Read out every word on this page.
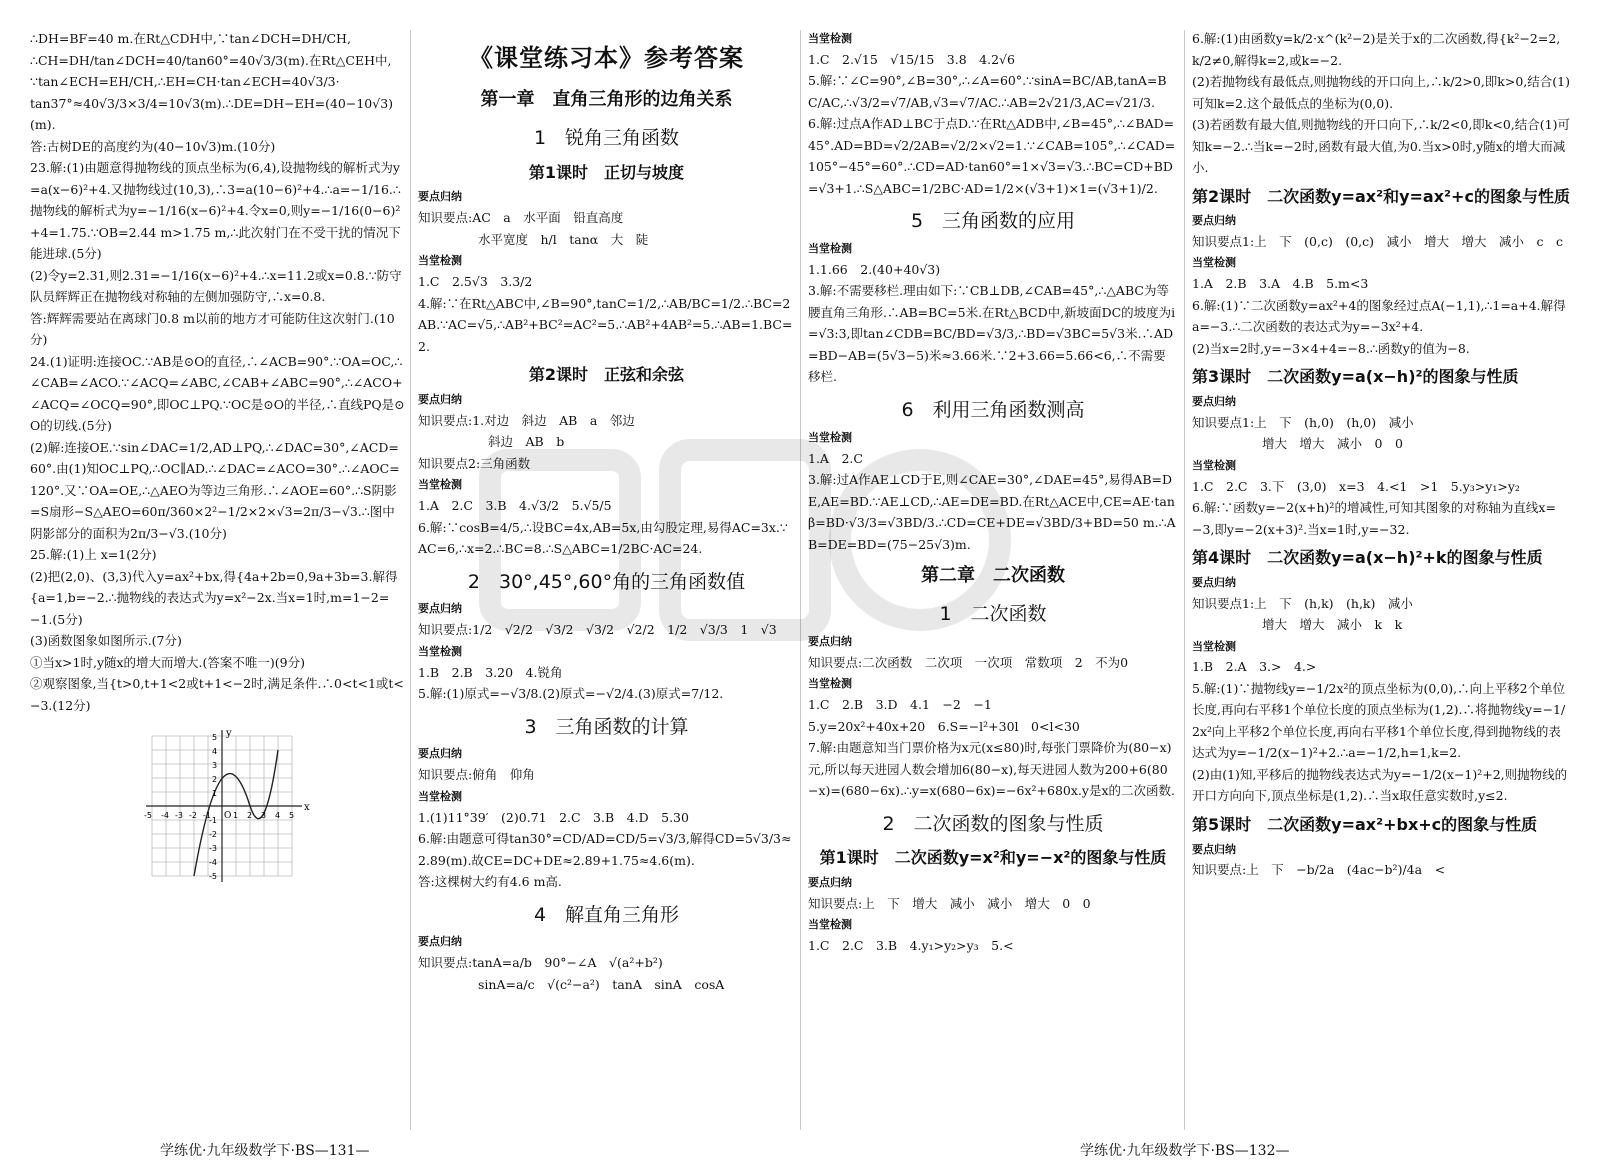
∴DH=BF=40 m.在Rt△CDH中,∵tan∠DCH=DH/CH,

∴CH=DH/tan∠DCH=40/tan60°=40√3/3(m).在Rt△CEH中,

∵tan∠ECH=EH/CH,∴EH=CH·tan∠ECH=40√3/3·

tan37°≈40√3/3×3/4=10√3(m).∴DE=DH−EH=(40−10√3)(m).

答:古树DE的高度约为(40−10√3)m.(10分)

23.解:(1)由题意得抛物线的顶点坐标为(6,4),设抛物线的解析式为y=a(x−6)²+4.又抛物线过(10,3),∴3=a(10−6)²+4.∴a=−1/16.∴抛物线的解析式为y=−1/16(x−6)²+4.令x=0,则y=−1/16(0−6)²+4=1.75.∵OB=2.44 m>1.75 m,∴此次射门在不受干扰的情况下能进球.(5分)

(2)令y=2.31,则2.31=−1/16(x−6)²+4.∴x=11.2或x=0.8.∵防守队员辉辉正在抛物线对称轴的左侧加强防守,∴x=0.8.

答:辉辉需要站在离球门0.8 m以前的地方才可能防住这次射门.(10分)

24.(1)证明:连接OC.∵AB是⊙O的直径,∴∠ACB=90°.∵OA=OC,∴∠CAB=∠ACO.∵∠ACQ=∠ABC,∠CAB+∠ABC=90°,∴∠ACO+∠ACQ=∠OCQ=90°,即OC⊥PQ.∵OC是⊙O的半径,∴直线PQ是⊙O的切线.(5分)

(2)解:连接OE.∵sin∠DAC=1/2,AD⊥PQ,∴∠DAC=30°,∠ACD=60°.由(1)知OC⊥PQ,∴OC∥AD.∴∠DAC=∠ACO=30°.∴∠AOC=120°.又∵OA=OE,∴△AEO为等边三角形.∴∠AOE=60°.∴S阴影=S扇形−S△AEO=60π/360×2²−1/2×2×√3=2π/3−√3.∴图中阴影部分的面积为2π/3−√3.(10分)

25.解:(1)上 x=1(2分)

(2)把(2,0)、(3,3)代入y=ax²+bx,得{4a+2b=0,9a+3b=3.解得{a=1,b=−2.∴抛物线的表达式为y=x²−2x.当x=1时,m=1−2=−1.(5分)

(3)函数图象如图所示.(7分)

①当x>1时,y随x的增大而增大.(答案不唯一)(9分)

②观察图象,当{t>0,t+1<2或t+1<−2时,满足条件.∴0<t<1或t<−3.(12分)

x
y
O 1 2 3 4 5
-1
-2
-3
-4
-5
1
2
3
4
5
-1
-2
-3
-4
-5
《课堂练习本》参考答案
第一章　直角三角形的边角关系
1　锐角三角函数
第1课时　正切与坡度
要点归纳

知识要点:AC　a　水平面　铅直高度

水平宽度　h/l　tanα　大　陡

当堂检测

1.C　2.5√3　3.3/2

4.解:∵在Rt△ABC中,∠B=90°,tanC=1/2,∴AB/BC=1/2.∴BC=2AB.∵AC=√5,∴AB²+BC²=AC²=5.∴AB²+4AB²=5.∴AB=1.BC=2.

第2课时　正弦和余弦
要点归纳

知识要点:1.对边　斜边　AB　a　邻边

斜边　AB　b

知识要点2:三角函数

当堂检测

1.A　2.C　3.B　4.√3/2　5.√5/5

6.解:∵cosB=4/5,∴设BC=4x,AB=5x,由勾股定理,易得AC=3x.∵AC=6,∴x=2.∴BC=8.∴S△ABC=1/2BC·AC=24.

2　30°,45°,60°角的三角函数值
要点归纳

知识要点:1/2　√2/2　√3/2　√3/2　√2/2　1/2　√3/3　1　√3

当堂检测

1.B　2.B　3.20　4.锐角

5.解:(1)原式=−√3/8.(2)原式=−√2/4.(3)原式=7/12.

3　三角函数的计算
要点归纳

知识要点:俯角　仰角

当堂检测

1.(1)11°39′　(2)0.71　2.C　3.B　4.D　5.30

6.解:由题意可得tan30°=CD/AD=CD/5=√3/3,解得CD=5√3/3≈2.89(m).故CE=DC+DE≈2.89+1.75≈4.6(m).

答:这棵树大约有4.6 m高.

4　解直角三角形
要点归纳

知识要点:tanA=a/b　90°−∠A　√(a²+b²)

sinA=a/c　√(c²−a²)　tanA　sinA　cosA

学练优·九年级数学下·BS—131—
当堂检测

1.C　2.√15　√15/15　3.8　4.2√6

5.解:∵∠C=90°,∠B=30°,∴∠A=60°.∵sinA=BC/AB,tanA=BC/AC,∴√3/2=√7/AB,√3=√7/AC.∴AB=2√21/3,AC=√21/3.

6.解:过点A作AD⊥BC于点D.∵在Rt△ADB中,∠B=45°,∴∠BAD=45°.AD=BD=√2/2AB=√2/2×√2=1.∵∠CAB=105°,∴∠CAD=105°−45°=60°.∴CD=AD·tan60°=1×√3=√3.∴BC=CD+BD=√3+1.∴S△ABC=1/2BC·AD=1/2×(√3+1)×1=(√3+1)/2.

5　三角函数的应用
当堂检测

1.1.66　2.(40+40√3)

3.解:不需要移栏.理由如下:∵CB⊥DB,∠CAB=45°,∴△ABC为等腰直角三角形.∴AB=BC=5米.在Rt△BCD中,新坡面DC的坡度为i=√3:3,即tan∠CDB=BC/BD=√3/3,∴BD=√3BC=5√3米.∴AD=BD−AB=(5√3−5)米≈3.66米.∵2+3.66=5.66<6,∴不需要移栏.

6　利用三角函数测高
当堂检测

1.A　2.C

3.解:过A作AE⊥CD于E,则∠CAE=30°,∠DAE=45°,易得AB=DE,AE=BD.∵AE⊥CD,∴AE=DE=BD.在Rt△ACE中,CE=AE·tanβ=BD·√3/3=√3BD/3.∴CD=CE+DE=√3BD/3+BD=50 m.∴AB=DE=BD=(75−25√3)m.

第二章　二次函数
1　二次函数
要点归纳

知识要点:二次函数　二次项　一次项　常数项　2　不为0

当堂检测

1.C　2.B　3.D　4.1　−2　−1

5.y=20x²+40x+20　6.S=−l²+30l　0<l<30

7.解:由题意知当门票价格为x元(x≤80)时,每张门票降价为(80−x)元,所以每天进园人数会增加6(80−x),每天进园人数为200+6(80−x)=(680−6x).∴y=x(680−6x)=−6x²+680x.y是x的二次函数.

2　二次函数的图象与性质
第1课时　二次函数y=x²和y=−x²的图象与性质
要点归纳

知识要点:上　下　增大　减小　减小　增大　0　0

当堂检测

1.C　2.C　3.B　4.y₁>y₂>y₃　5.<

6.解:(1)由函数y=k/2·x^(k²−2)是关于x的二次函数,得{k²−2=2,k/2≠0,解得k=2,或k=−2.

(2)若抛物线有最低点,则抛物线的开口向上,∴k/2>0,即k>0,结合(1)可知k=2.这个最低点的坐标为(0,0).

(3)若函数有最大值,则抛物线的开口向下,∴k/2<0,即k<0,结合(1)可知k=−2.∴当k=−2时,函数有最大值,为0.当x>0时,y随x的增大而减小.

第2课时　二次函数y=ax²和y=ax²+c的图象与性质
要点归纳

知识要点1:上　下　(0,c)　(0,c)　减小　增大　增大　减小　c　c

当堂检测

1.A　2.B　3.A　4.B　5.m<3

6.解:(1)∵二次函数y=ax²+4的图象经过点A(−1,1),∴1=a+4.解得a=−3.∴二次函数的表达式为y=−3x²+4.

(2)当x=2时,y=−3×4+4=−8.∴函数y的值为−8.

第3课时　二次函数y=a(x−h)²的图象与性质
要点归纳

知识要点1:上　下　(h,0)　(h,0)　减小

增大　增大　减小　0　0

当堂检测

1.C　2.C　3.下　(3,0)　x=3　4.<1　>1　5.y₃>y₁>y₂

6.解:∵函数y=−2(x+h)²的增减性,可知其图象的对称轴为直线x=−3,即y=−2(x+3)².当x=1时,y=−32.

第4课时　二次函数y=a(x−h)²+k的图象与性质
要点归纳

知识要点1:上　下　(h,k)　(h,k)　减小

增大　增大　减小　k　k

当堂检测

1.B　2.A　3.>　4.>

5.解:(1)∵抛物线y=−1/2x²的顶点坐标为(0,0),∴向上平移2个单位长度,再向右平移1个单位长度的顶点坐标为(1,2).∴将抛物线y=−1/2x²向上平移2个单位长度,再向右平移1个单位长度,得到抛物线的表达式为y=−1/2(x−1)²+2.∴a=−1/2,h=1,k=2.

(2)由(1)知,平移后的抛物线表达式为y=−1/2(x−1)²+2,则抛物线的开口方向向下,顶点坐标是(1,2).∴当x取任意实数时,y≤2.

第5课时　二次函数y=ax²+bx+c的图象与性质
要点归纳

知识要点:上　下　−b/2a　(4ac−b²)/4a　<

学练优·九年级数学下·BS—132—
